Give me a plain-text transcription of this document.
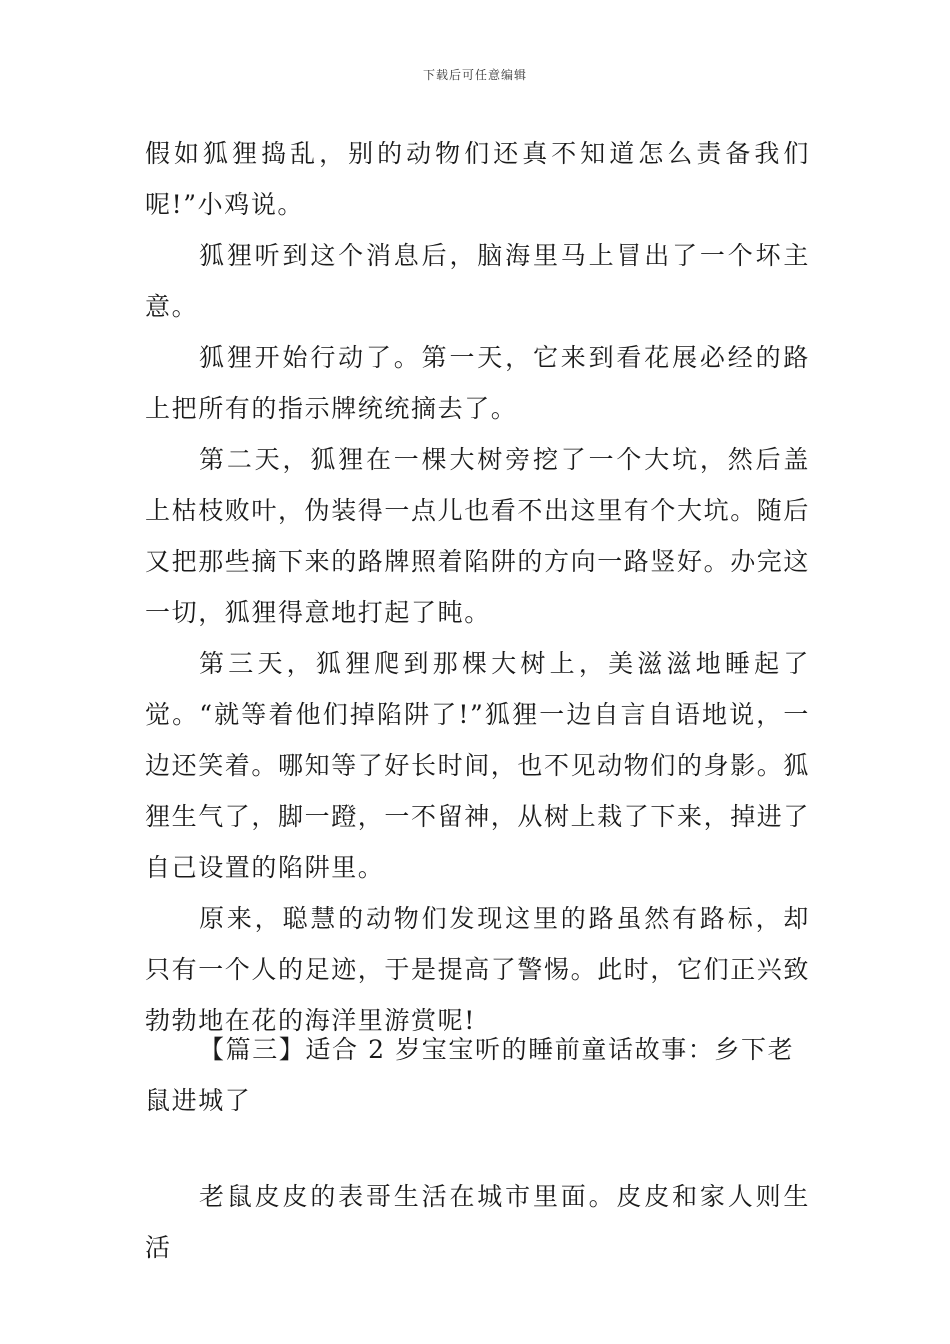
下载后可任意编辑

假如狐狸捣乱，别的动物们还真不知道怎么责备我们呢!”小鸡说。

狐狸听到这个消息后，脑海里马上冒出了一个坏主意。

狐狸开始行动了。第一天，它来到看花展必经的路上把所有的指示牌统统摘去了。

第二天，狐狸在一棵大树旁挖了一个大坑，然后盖上枯枝败叶，伪装得一点儿也看不出这里有个大坑。随后又把那些摘下来的路牌照着陷阱的方向一路竖好。办完这一切，狐狸得意地打起了盹。

第三天，狐狸爬到那棵大树上，美滋滋地睡起了觉。“就等着他们掉陷阱了!”狐狸一边自言自语地说，一边还笑着。哪知等了好长时间，也不见动物们的身影。狐狸生气了，脚一蹬，一不留神，从树上栽了下来，掉进了自己设置的陷阱里。

原来，聪慧的动物们发现这里的路虽然有路标，却只有一个人的足迹，于是提高了警惕。此时，它们正兴致勃勃地在花的海洋里游赏呢!

【篇三】适合 2 岁宝宝听的睡前童话故事：乡下老鼠进城了

老鼠皮皮的表哥生活在城市里面。皮皮和家人则生活
